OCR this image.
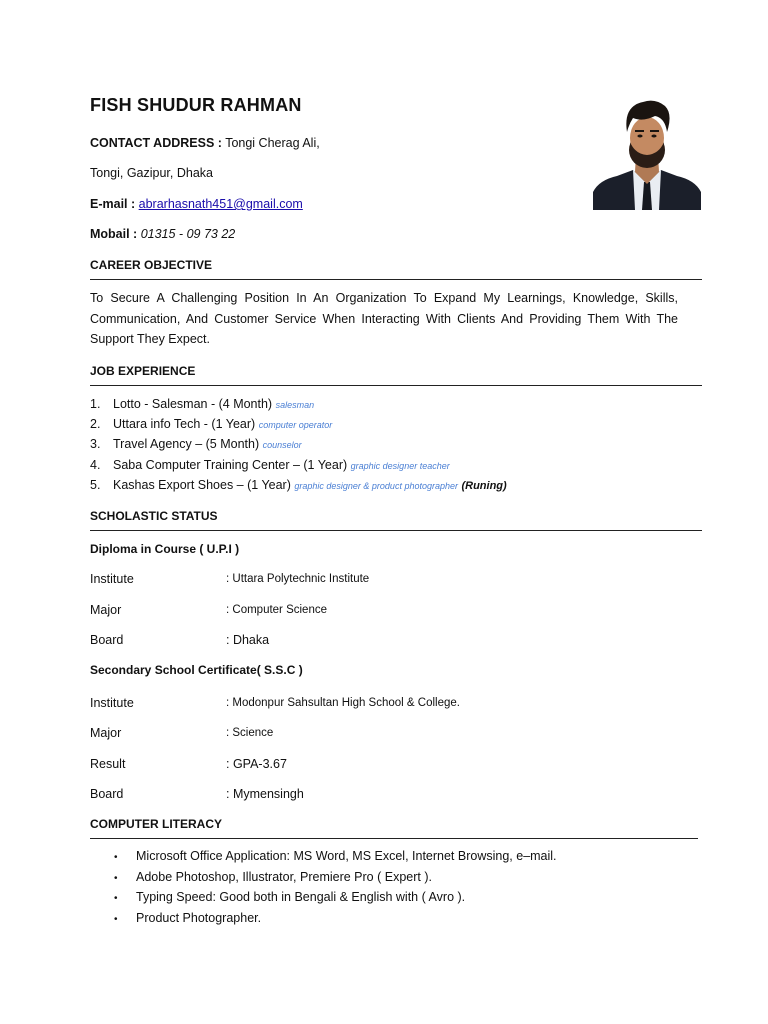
FISH SHUDUR RAHMAN
CONTACT ADDRESS : Tongi Cherag Ali,
Tongi, Gazipur, Dhaka
E-mail : abrarhasnath451@gmail.com
Mobail : 01315 - 09 73 22
CAREER OBJECTIVE
To Secure A Challenging Position In An Organization To Expand My Learnings, Knowledge, Skills, Communication, And Customer Service When Interacting With Clients And Providing Them With The Support They Expect.
JOB EXPERIENCE
1. Lotto - Salesman - (4 Month) salesman
2. Uttara info Tech - (1 Year) computer operator
3. Travel Agency – (5 Month) counselor
4. Saba Computer Training Center – (1 Year) graphic designer teacher
5. Kashas Export Shoes – (1 Year) graphic designer & product photographer (Runing)
SCHOLASTIC STATUS
Diploma in Course ( U.P.I )
Institute	: Uttara Polytechnic Institute
Major	: Computer Science
Board	: Dhaka
Secondary School Certificate( S.S.C )
Institute	: Modonpur Sahsultan High School & College.
Major	: Science
Result	: GPA-3.67
Board	: Mymensingh
COMPUTER LITERACY
• Microsoft Office Application: MS Word, MS Excel, Internet Browsing, e–mail.
• Adobe Photoshop, Illustrator, Premiere Pro ( Expert ).
• Typing Speed: Good both in Bengali & English with ( Avro ).
• Product Photographer.
